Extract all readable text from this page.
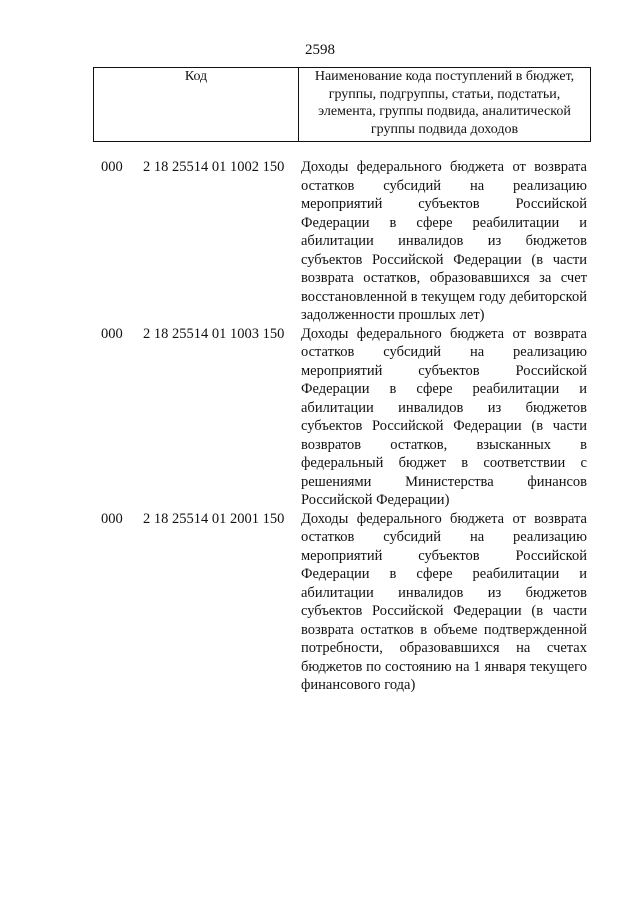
2598
Код	Наименование кода поступлений в бюджет, группы, подгруппы, статьи, подстатьи, элемента, группы подвида, аналитической группы подвида доходов
000 2 18 25514 01 1002 150 Доходы федерального бюджета от возврата остатков субсидий на реализацию мероприятий субъектов Российской Федерации в сфере реабилитации и абилитации инвалидов из бюджетов субъектов Российской Федерации (в части возврата остатков, образовавшихся за счет восстановленной в текущем году дебиторской задолженности прошлых лет)
000 2 18 25514 01 1003 150 Доходы федерального бюджета от возврата остатков субсидий на реализацию мероприятий субъектов Российской Федерации в сфере реабилитации и абилитации инвалидов из бюджетов субъектов Российской Федерации (в части возвратов остатков, взысканных в федеральный бюджет в соответствии с решениями Министерства финансов Российской Федерации)
000 2 18 25514 01 2001 150 Доходы федерального бюджета от возврата остатков субсидий на реализацию мероприятий субъектов Российской Федерации в сфере реабилитации и абилитации инвалидов из бюджетов субъектов Российской Федерации (в части возврата остатков в объеме подтвержденной потребности, образовавшихся на счетах бюджетов по состоянию на 1 января текущего финансового года)
